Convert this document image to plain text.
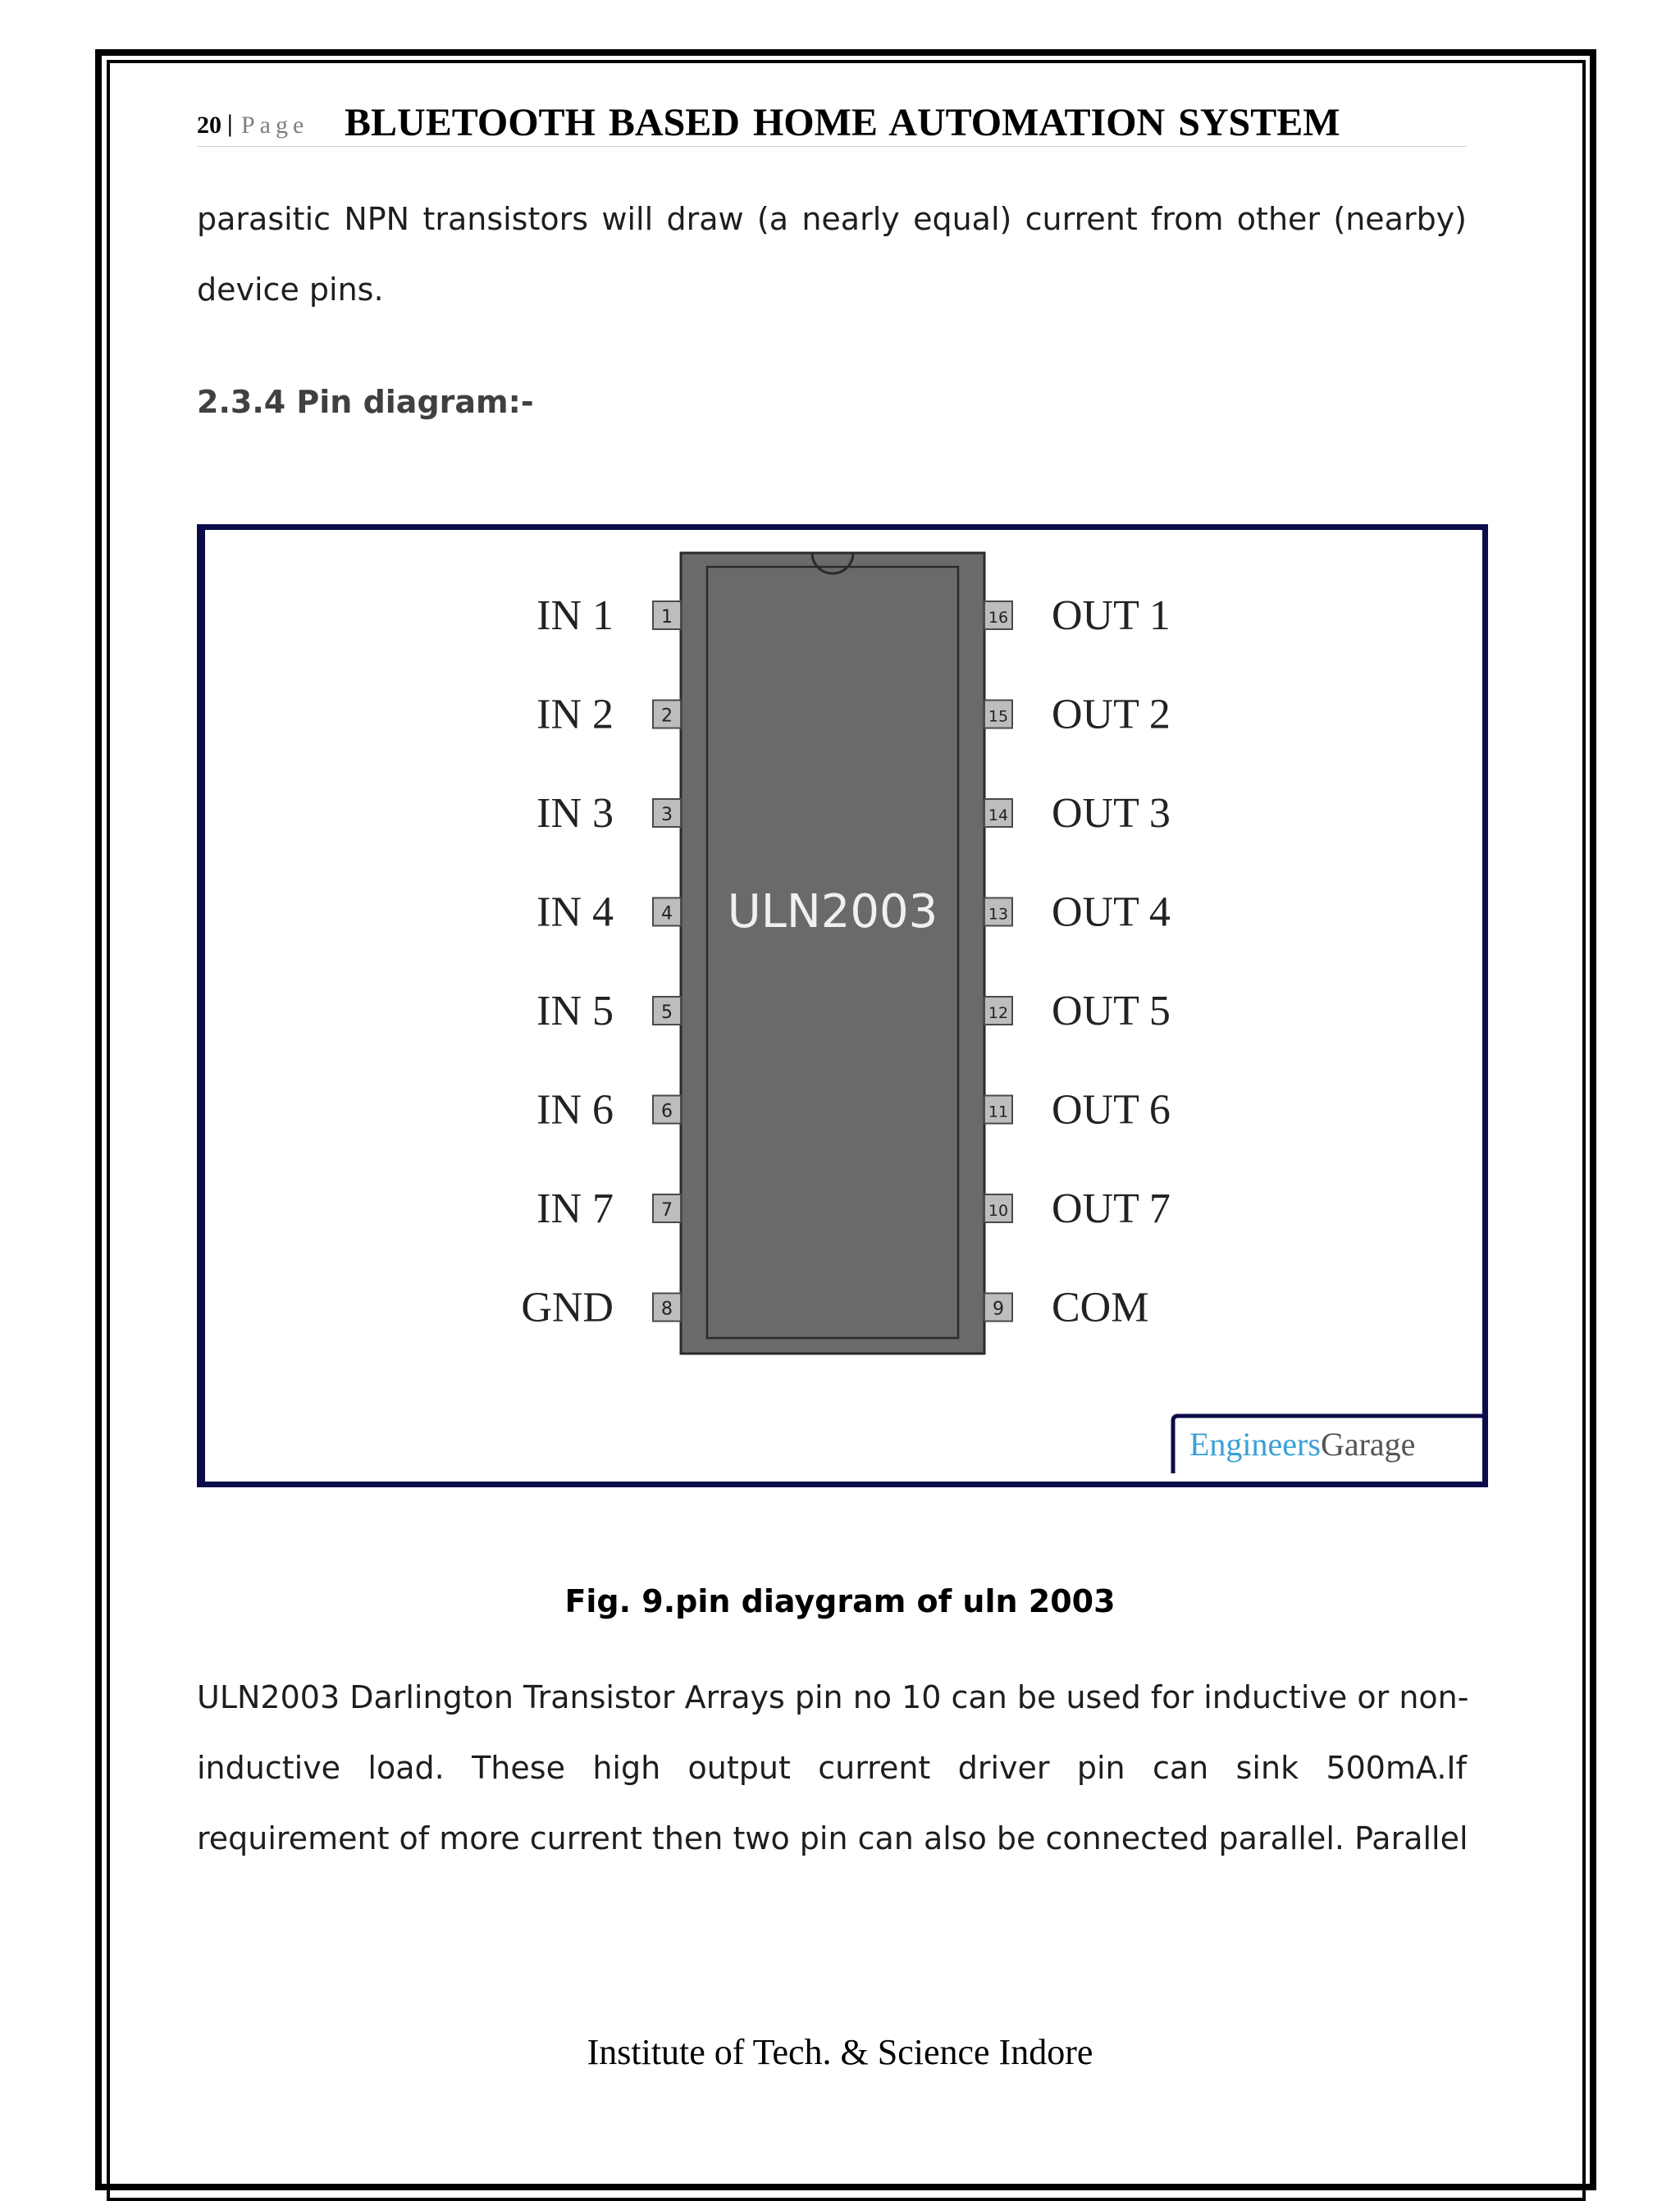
20 | Page BLUETOOTH BASED HOME AUTOMATION SYSTEM
parasitic NPN transistors will draw (a nearly equal) current from other (nearby)
device pins.
2.3.4 Pin diagram:-
ULN2003
1
IN 1
2
IN 2
3
IN 3
4
IN 4
5
IN 5
6
IN 6
7
IN 7
8
GND
16 OUT 1
15 OUT 2
14 OUT 3
13 OUT 4
12 OUT 5
11 OUT 6
10 OUT 7
9 COM
EngineersGarage

Fig. 9.pin diaygram of uln 2003

ULN2003 Darlington Transistor Arrays pin no 10 can be used for inductive or non-
inductive load. These high output current driver pin can sink 500mA.If
requirement of more current then two pin can also be connected parallel. Parallel

Institute of Tech. & Science Indore
